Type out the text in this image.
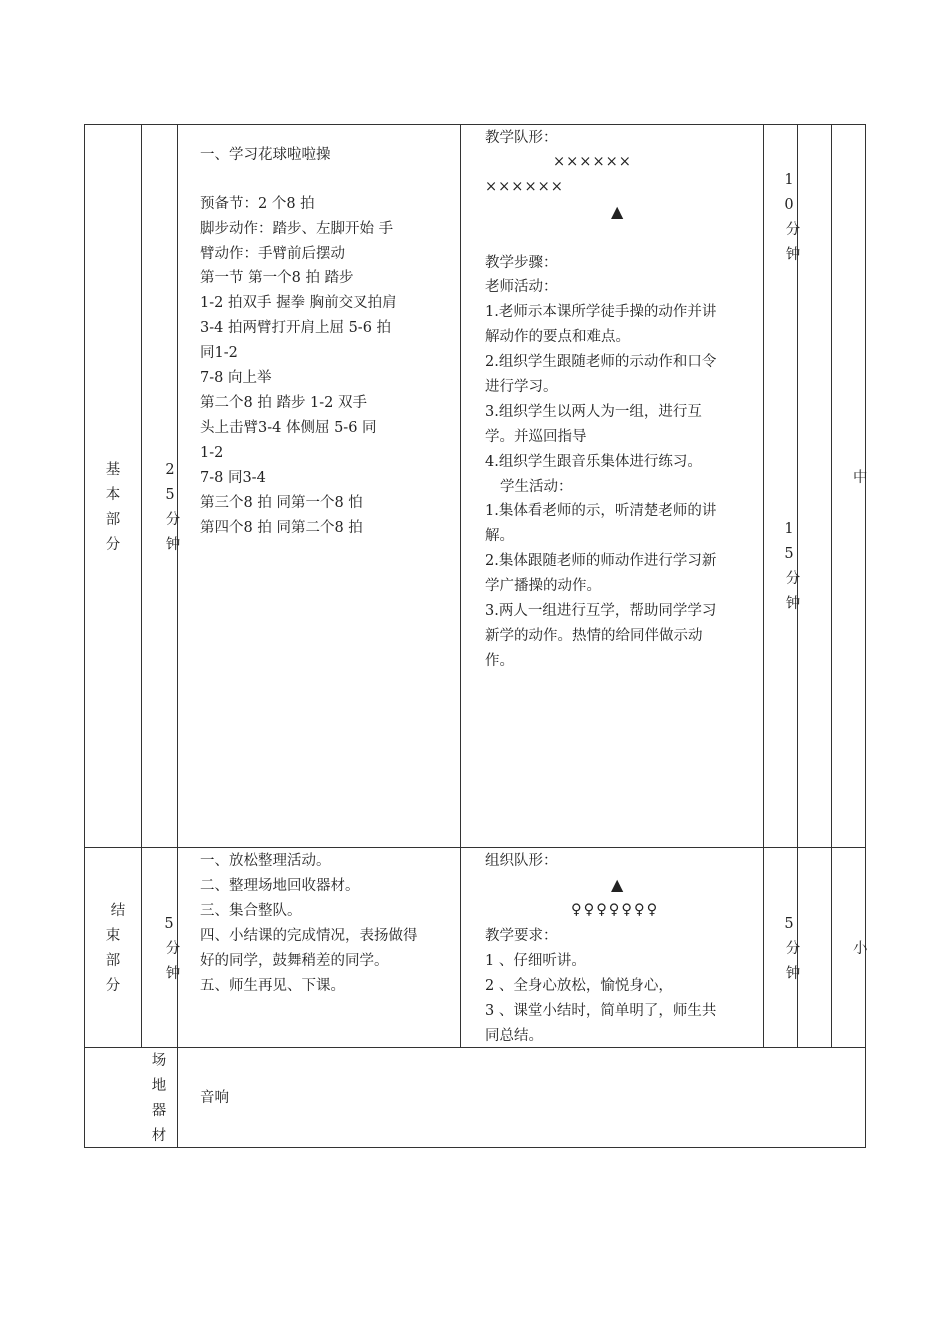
基
本
部
分
2
5
分
钟
一、学习花球啦啦操
预备节：2 个8 拍
脚步动作：踏步、左脚开始 手
臂动作：手臂前后摆动
第一节 第一个8 拍 踏步
1-2 拍双手 握拳 胸前交叉拍肩
3-4 拍两臂打开肩上屈 5-6 拍
同1-2
7-8 向上举
第二个8 拍 踏步 1-2 双手
头上击臂3-4 体侧屈 5-6 同
1-2
7-8 同3-4
第三个8 拍 同第一个8 怕
第四个8 拍 同第二个8 拍
教学队形：
××××××
××××××
▲
教学步骤：
老师活动：
1.老师示本课所学徒手操的动作并讲
解动作的要点和难点。
2.组织学生跟随老师的示动作和口令
进行学习。
3.组织学生以两人为一组，进行互
学。并巡回指导
4.组织学生跟音乐集体进行练习。
学生活动：
1.集体看老师的示，听清楚老师的讲
解。
2.集体跟随老师的师动作进行学习新
学广播操的动作。
3.两人一组进行互学，帮助同学学习
新学的动作。热情的给同伴做示动
作。
1
0
分
钟
1
5
分
钟
中
结
束
部
分
5
分
钟
一、放松整理活动。
二、整理场地回收器材。
三、集合整队。
四、小结课的完成情况，表扬做得
好的同学，鼓舞稍差的同学。
五、师生再见、下课。
组织队形：
▲
♀♀♀♀♀♀♀
教学要求：
1 、仔细听讲。
2 、全身心放松，愉悦身心，
3 、课堂小结时，简单明了，师生共
同总结。
5
分
钟
小
场
地
器
材
音响
